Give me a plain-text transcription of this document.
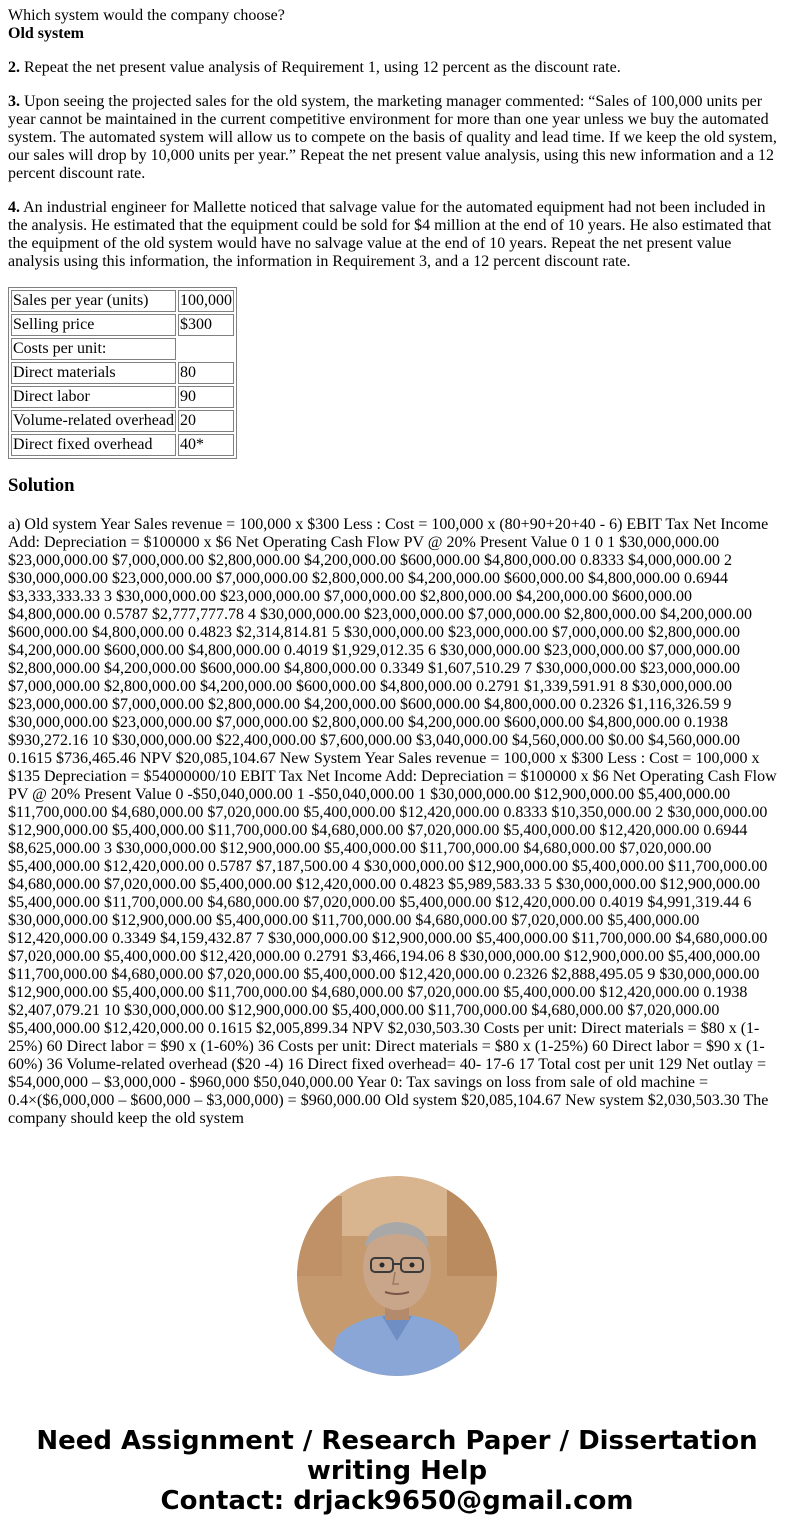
Which system would the company choose?
Old system

2. Repeat the net present value analysis of Requirement 1, using 12 percent as the discount rate.

3. Upon seeing the projected sales for the old system, the marketing manager commented: “Sales of 100,000 units per year cannot be maintained in the current competitive environment for more than one year unless we buy the automated system. The automated system will allow us to compete on the basis of quality and lead time. If we keep the old system, our sales will drop by 10,000 units per year.” Repeat the net present value analysis, using this new information and a 12 percent discount rate.

4. An industrial engineer for Mallette noticed that salvage value for the automated equipment had not been included in the analysis. He estimated that the equipment could be sold for $4 million at the end of 10 years. He also estimated that the equipment of the old system would have no salvage value at the end of 10 years. Repeat the net present value analysis using this information, the information in Requirement 3, and a 12 percent discount rate.

Sales per year (units)	100,000
Selling price	$300
Costs per unit:	
Direct materials	80
Direct labor	90
Volume-related overhead	20
Direct fixed overhead	40*
Solution

a) Old system Year Sales revenue = 100,000 x $300 Less : Cost = 100,000 x (80+90+20+40 - 6) EBIT Tax Net Income Add: Depreciation = $100000 x $6 Net Operating Cash Flow PV @ 20% Present Value 0 1 0 1 $30,000,000.00 $23,000,000.00 $7,000,000.00 $2,800,000.00 $4,200,000.00 $600,000.00 $4,800,000.00 0.8333 $4,000,000.00 2 $30,000,000.00 $23,000,000.00 $7,000,000.00 $2,800,000.00 $4,200,000.00 $600,000.00 $4,800,000.00 0.6944 $3,333,333.33 3 $30,000,000.00 $23,000,000.00 $7,000,000.00 $2,800,000.00 $4,200,000.00 $600,000.00 $4,800,000.00 0.5787 $2,777,777.78 4 $30,000,000.00 $23,000,000.00 $7,000,000.00 $2,800,000.00 $4,200,000.00 $600,000.00 $4,800,000.00 0.4823 $2,314,814.81 5 $30,000,000.00 $23,000,000.00 $7,000,000.00 $2,800,000.00 $4,200,000.00 $600,000.00 $4,800,000.00 0.4019 $1,929,012.35 6 $30,000,000.00 $23,000,000.00 $7,000,000.00 $2,800,000.00 $4,200,000.00 $600,000.00 $4,800,000.00 0.3349 $1,607,510.29 7 $30,000,000.00 $23,000,000.00 $7,000,000.00 $2,800,000.00 $4,200,000.00 $600,000.00 $4,800,000.00 0.2791 $1,339,591.91 8 $30,000,000.00 $23,000,000.00 $7,000,000.00 $2,800,000.00 $4,200,000.00 $600,000.00 $4,800,000.00 0.2326 $1,116,326.59 9 $30,000,000.00 $23,000,000.00 $7,000,000.00 $2,800,000.00 $4,200,000.00 $600,000.00 $4,800,000.00 0.1938 $930,272.16 10 $30,000,000.00 $22,400,000.00 $7,600,000.00 $3,040,000.00 $4,560,000.00 $0.00 $4,560,000.00 0.1615 $736,465.46 NPV $20,085,104.67 New System Year Sales revenue = 100,000 x $300 Less : Cost = 100,000 x $135 Depreciation = $54000000/10 EBIT Tax Net Income Add: Depreciation = $100000 x $6 Net Operating Cash Flow PV @ 20% Present Value 0 -$50,040,000.00 1 -$50,040,000.00 1 $30,000,000.00 $12,900,000.00 $5,400,000.00 $11,700,000.00 $4,680,000.00 $7,020,000.00 $5,400,000.00 $12,420,000.00 0.8333 $10,350,000.00 2 $30,000,000.00 $12,900,000.00 $5,400,000.00 $11,700,000.00 $4,680,000.00 $7,020,000.00 $5,400,000.00 $12,420,000.00 0.6944 $8,625,000.00 3 $30,000,000.00 $12,900,000.00 $5,400,000.00 $11,700,000.00 $4,680,000.00 $7,020,000.00 $5,400,000.00 $12,420,000.00 0.5787 $7,187,500.00 4 $30,000,000.00 $12,900,000.00 $5,400,000.00 $11,700,000.00 $4,680,000.00 $7,020,000.00 $5,400,000.00 $12,420,000.00 0.4823 $5,989,583.33 5 $30,000,000.00 $12,900,000.00 $5,400,000.00 $11,700,000.00 $4,680,000.00 $7,020,000.00 $5,400,000.00 $12,420,000.00 0.4019 $4,991,319.44 6 $30,000,000.00 $12,900,000.00 $5,400,000.00 $11,700,000.00 $4,680,000.00 $7,020,000.00 $5,400,000.00 $12,420,000.00 0.3349 $4,159,432.87 7 $30,000,000.00 $12,900,000.00 $5,400,000.00 $11,700,000.00 $4,680,000.00 $7,020,000.00 $5,400,000.00 $12,420,000.00 0.2791 $3,466,194.06 8 $30,000,000.00 $12,900,000.00 $5,400,000.00 $11,700,000.00 $4,680,000.00 $7,020,000.00 $5,400,000.00 $12,420,000.00 0.2326 $2,888,495.05 9 $30,000,000.00 $12,900,000.00 $5,400,000.00 $11,700,000.00 $4,680,000.00 $7,020,000.00 $5,400,000.00 $12,420,000.00 0.1938 $2,407,079.21 10 $30,000,000.00 $12,900,000.00 $5,400,000.00 $11,700,000.00 $4,680,000.00 $7,020,000.00 $5,400,000.00 $12,420,000.00 0.1615 $2,005,899.34 NPV $2,030,503.30 Costs per unit: Direct materials = $80 x (1-25%) 60 Direct labor = $90 x (1-60%) 36 Costs per unit: Direct materials = $80 x (1-25%) 60 Direct labor = $90 x (1-60%) 36 Volume-related overhead ($20 -4) 16 Direct fixed overhead= 40- 17-6 17 Total cost per unit 129 Net outlay = $54,000,000 – $3,000,000 - $960,000 $50,040,000.00 Year 0: Tax savings on loss from sale of old machine = 0.4×($6,000,000 – $600,000 – $3,000,000) = $960,000.00 Old system $20,085,104.67 New system $2,030,503.30 The company should keep the old system

Need Assignment / Research Paper / Dissertation writing Help
Contact: drjack9650@gmail.com
